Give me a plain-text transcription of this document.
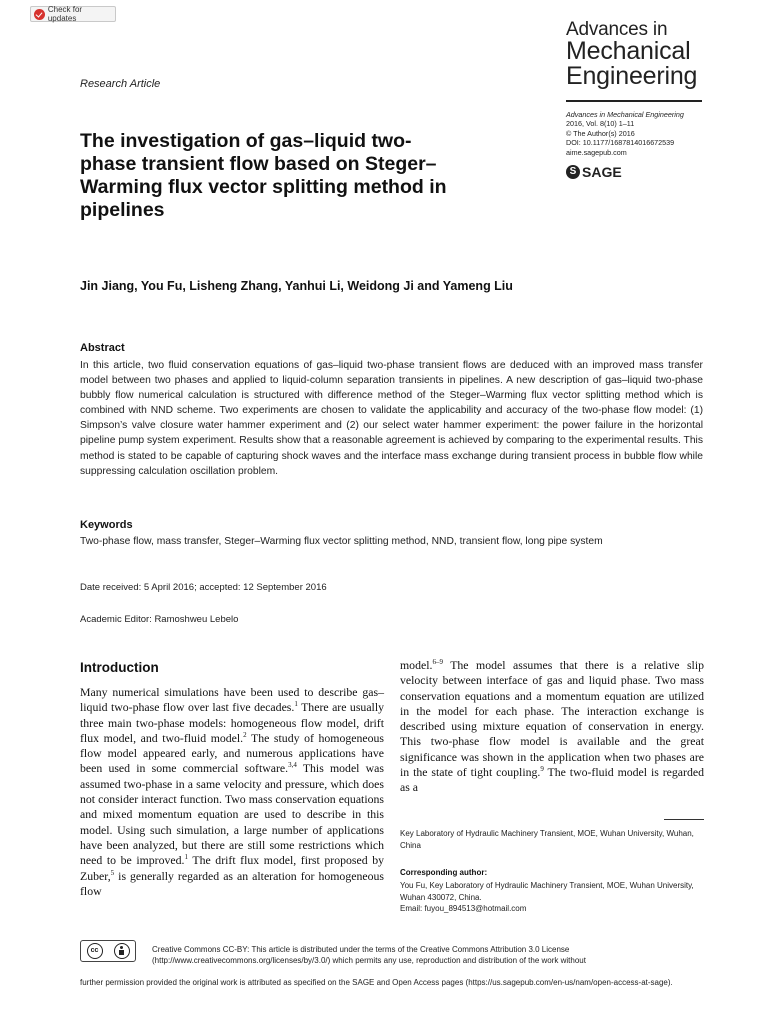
Check for updates
Research Article
Advances in
Mechanical
Engineering
Advances in Mechanical Engineering
2016, Vol. 8(10) 1–11
© The Author(s) 2016
DOI: 10.1177/1687814016672539
aime.sagepub.com
S SAGE
The investigation of gas–liquid two-phase transient flow based on Steger–Warming flux vector splitting method in pipelines
Jin Jiang, You Fu, Lisheng Zhang, Yanhui Li, Weidong Ji and Yameng Liu
Abstract
In this article, two fluid conservation equations of gas–liquid two-phase transient flows are deduced with an improved mass transfer model between two phases and applied to liquid-column separation transients in pipelines. A new description of gas–liquid two-phase bubbly flow numerical calculation is structured with difference method of the Steger–Warming flux vector splitting method which is combined with NND scheme. Two experiments are chosen to validate the applicability and accuracy of the two-phase flow model: (1) Simpson’s valve closure water hammer experiment and (2) our select water hammer experiment: the power failure in the horizontal pipeline pump system experiment. Results show that a reasonable agreement is achieved by comparing to the experimental results. This method is stated to be capable of capturing shock waves and the interface mass exchange during transient process in bubble flow while suppressing calculation oscillation problem.
Keywords
Two-phase flow, mass transfer, Steger–Warming flux vector splitting method, NND, transient flow, long pipe system
Date received: 5 April 2016; accepted: 12 September 2016
Academic Editor: Ramoshweu Lebelo
Introduction
Many numerical simulations have been used to describe gas–liquid two-phase flow over last five decades.$^1$ There are usually three main two-phase models: homogeneous flow model, drift flux model, and two-fluid model.$^2$ The study of homogeneous flow model appeared early, and numerous applications have been used in some commercial software.$^{3,4}$ This model was assumed two-phase in a same velocity and pressure, which does not consider interact function. Two mass conservation equations and mixed momentum equation are used to describe in this model. Using such simulation, a large number of applications have been analyzed, but there are still some restrictions which need to be improved.$^1$ The drift flux model, first proposed by Zuber,$^5$ is generally regarded as an alteration for homogeneous flow
model.$^{6-9}$ The model assumes that there is a relative slip velocity between interface of gas and liquid phase. Two mass conservation equations and a momentum equation are utilized in the model for each phase. The interaction exchange is described using mixture equation of conservation in energy. This two-phase flow model is available and the great significance was shown in the application when two phases are in the state of tight coupling.$^9$ The two-fluid model is regarded as a
Key Laboratory of Hydraulic Machinery Transient, MOE, Wuhan University, Wuhan, China
Corresponding author:
You Fu, Key Laboratory of Hydraulic Machinery Transient, MOE, Wuhan University, Wuhan 430072, China.
Email: fuyou_894513@hotmail.com
cc	Creative Commons CC-BY: This article is distributed under the terms of the Creative Commons Attribution 3.0 License (http://www.creativecommons.org/licenses/by/3.0/) which permits any use, reproduction and distribution of the work without
further permission provided the original work is attributed as specified on the SAGE and Open Access pages (https://us.sagepub.com/en-us/nam/open-access-at-sage).
